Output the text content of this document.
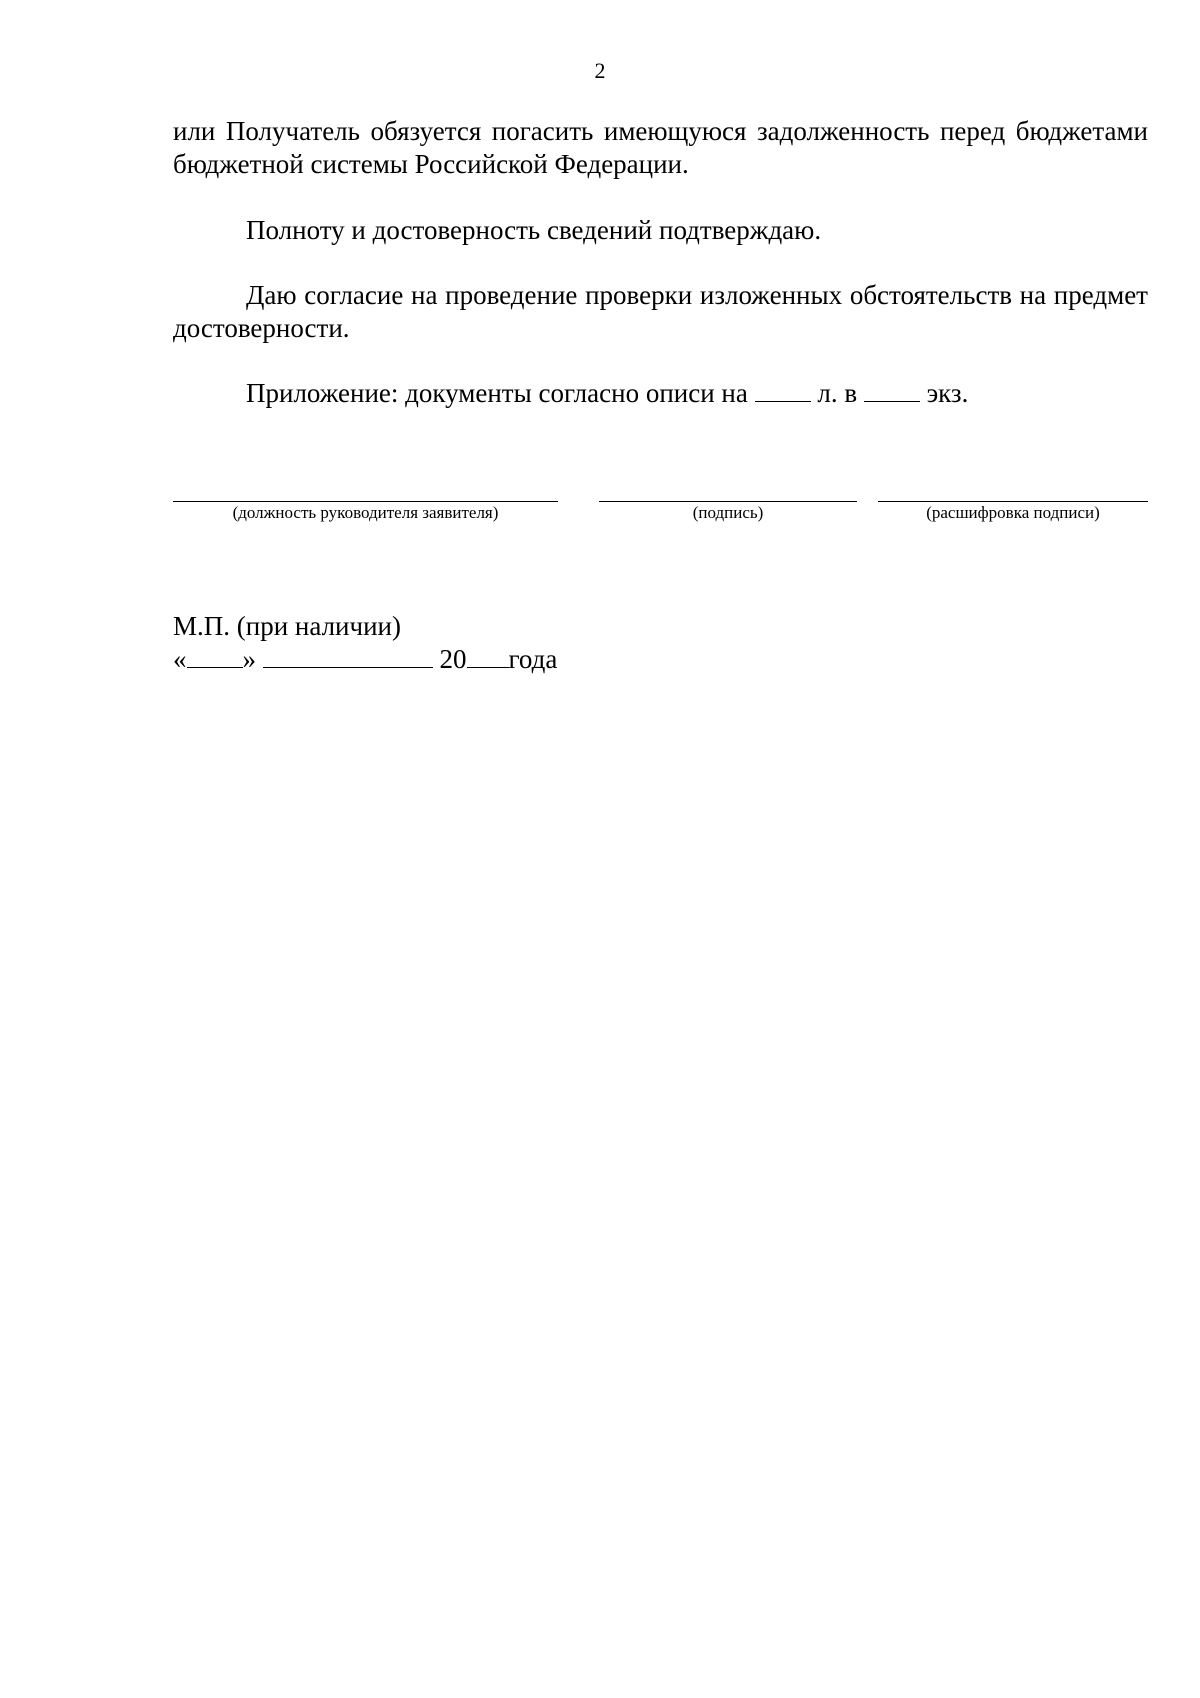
2
или Получатель обязуется погасить имеющуюся задолженность перед бюджетами бюджетной системы Российской Федерации.
Полноту и достоверность сведений подтверждаю.
Даю согласие на проведение проверки изложенных обстоятельств на предмет достоверности.
Приложение: документы согласно описи на	л. в	экз.
(должность руководителя заявителя)	(подпись)	(расшифровка подписи)
М.П. (при наличии)
« »	20 года
